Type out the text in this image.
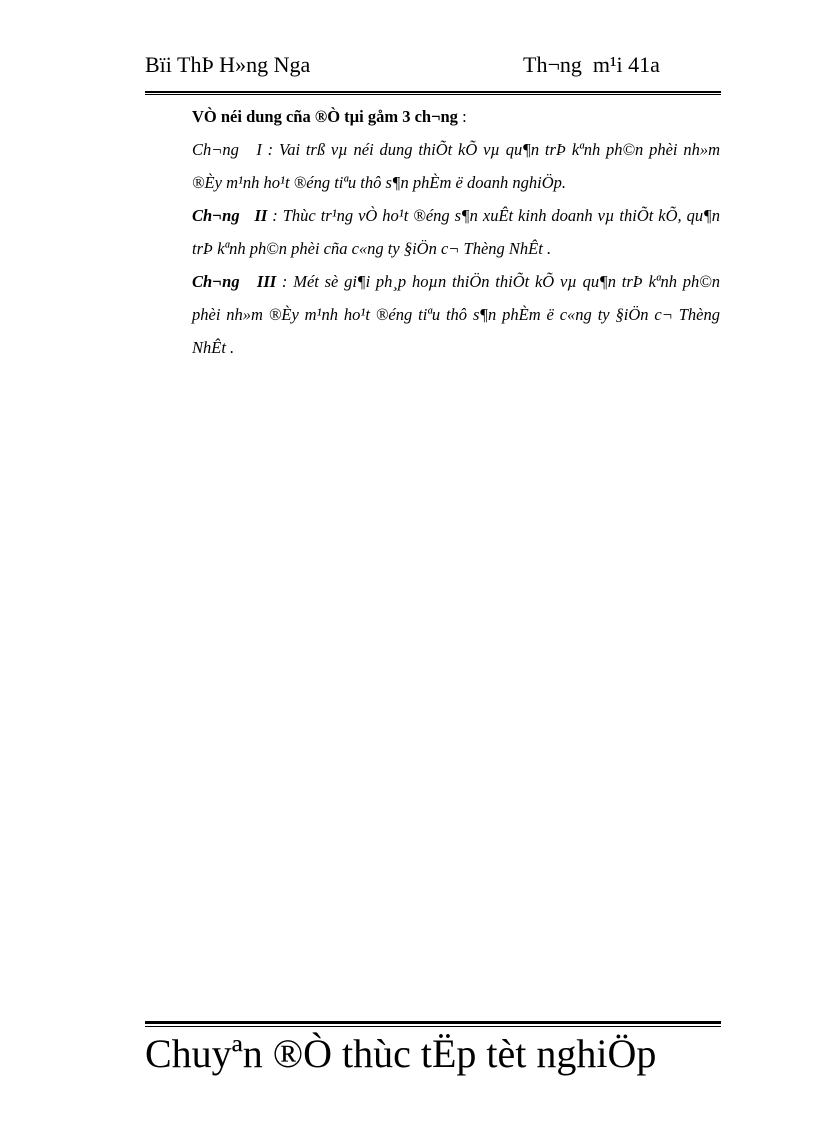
Bïi ThÞ H»ng Nga	Th¬ng  m¹i 41a

VÒ néi dung cña ®Ò tµi gåm 3 ch¬ng :

Ch¬ng   I : Vai trß vµ néi dung thiÕt kÕ vµ qu¶n trÞ kªnh ph©n phèi nh»m ®Èy m¹nh ho¹t ®éng tiªu thô s¶n phÈm ë doanh nghiÖp.

Ch¬ng   II : Thùc tr¹ng vÒ ho¹t ®éng s¶n xuÊt kinh doanh vµ thiÕt kÕ, qu¶n trÞ kªnh ph©n phèi cña c«ng ty §iÖn c¬ Thèng NhÊt .

Ch¬ng   III : Mét sè gi¶i ph¸p hoµn thiÖn thiÕt kÕ vµ qu¶n trÞ kªnh ph©n phèi nh»m ®Èy m¹nh ho¹t ®éng tiªu thô s¶n phÈm ë c«ng ty §iÖn c¬ Thèng NhÊt .

Chuyªn ®Ò thùc tËp tèt nghiÖp
